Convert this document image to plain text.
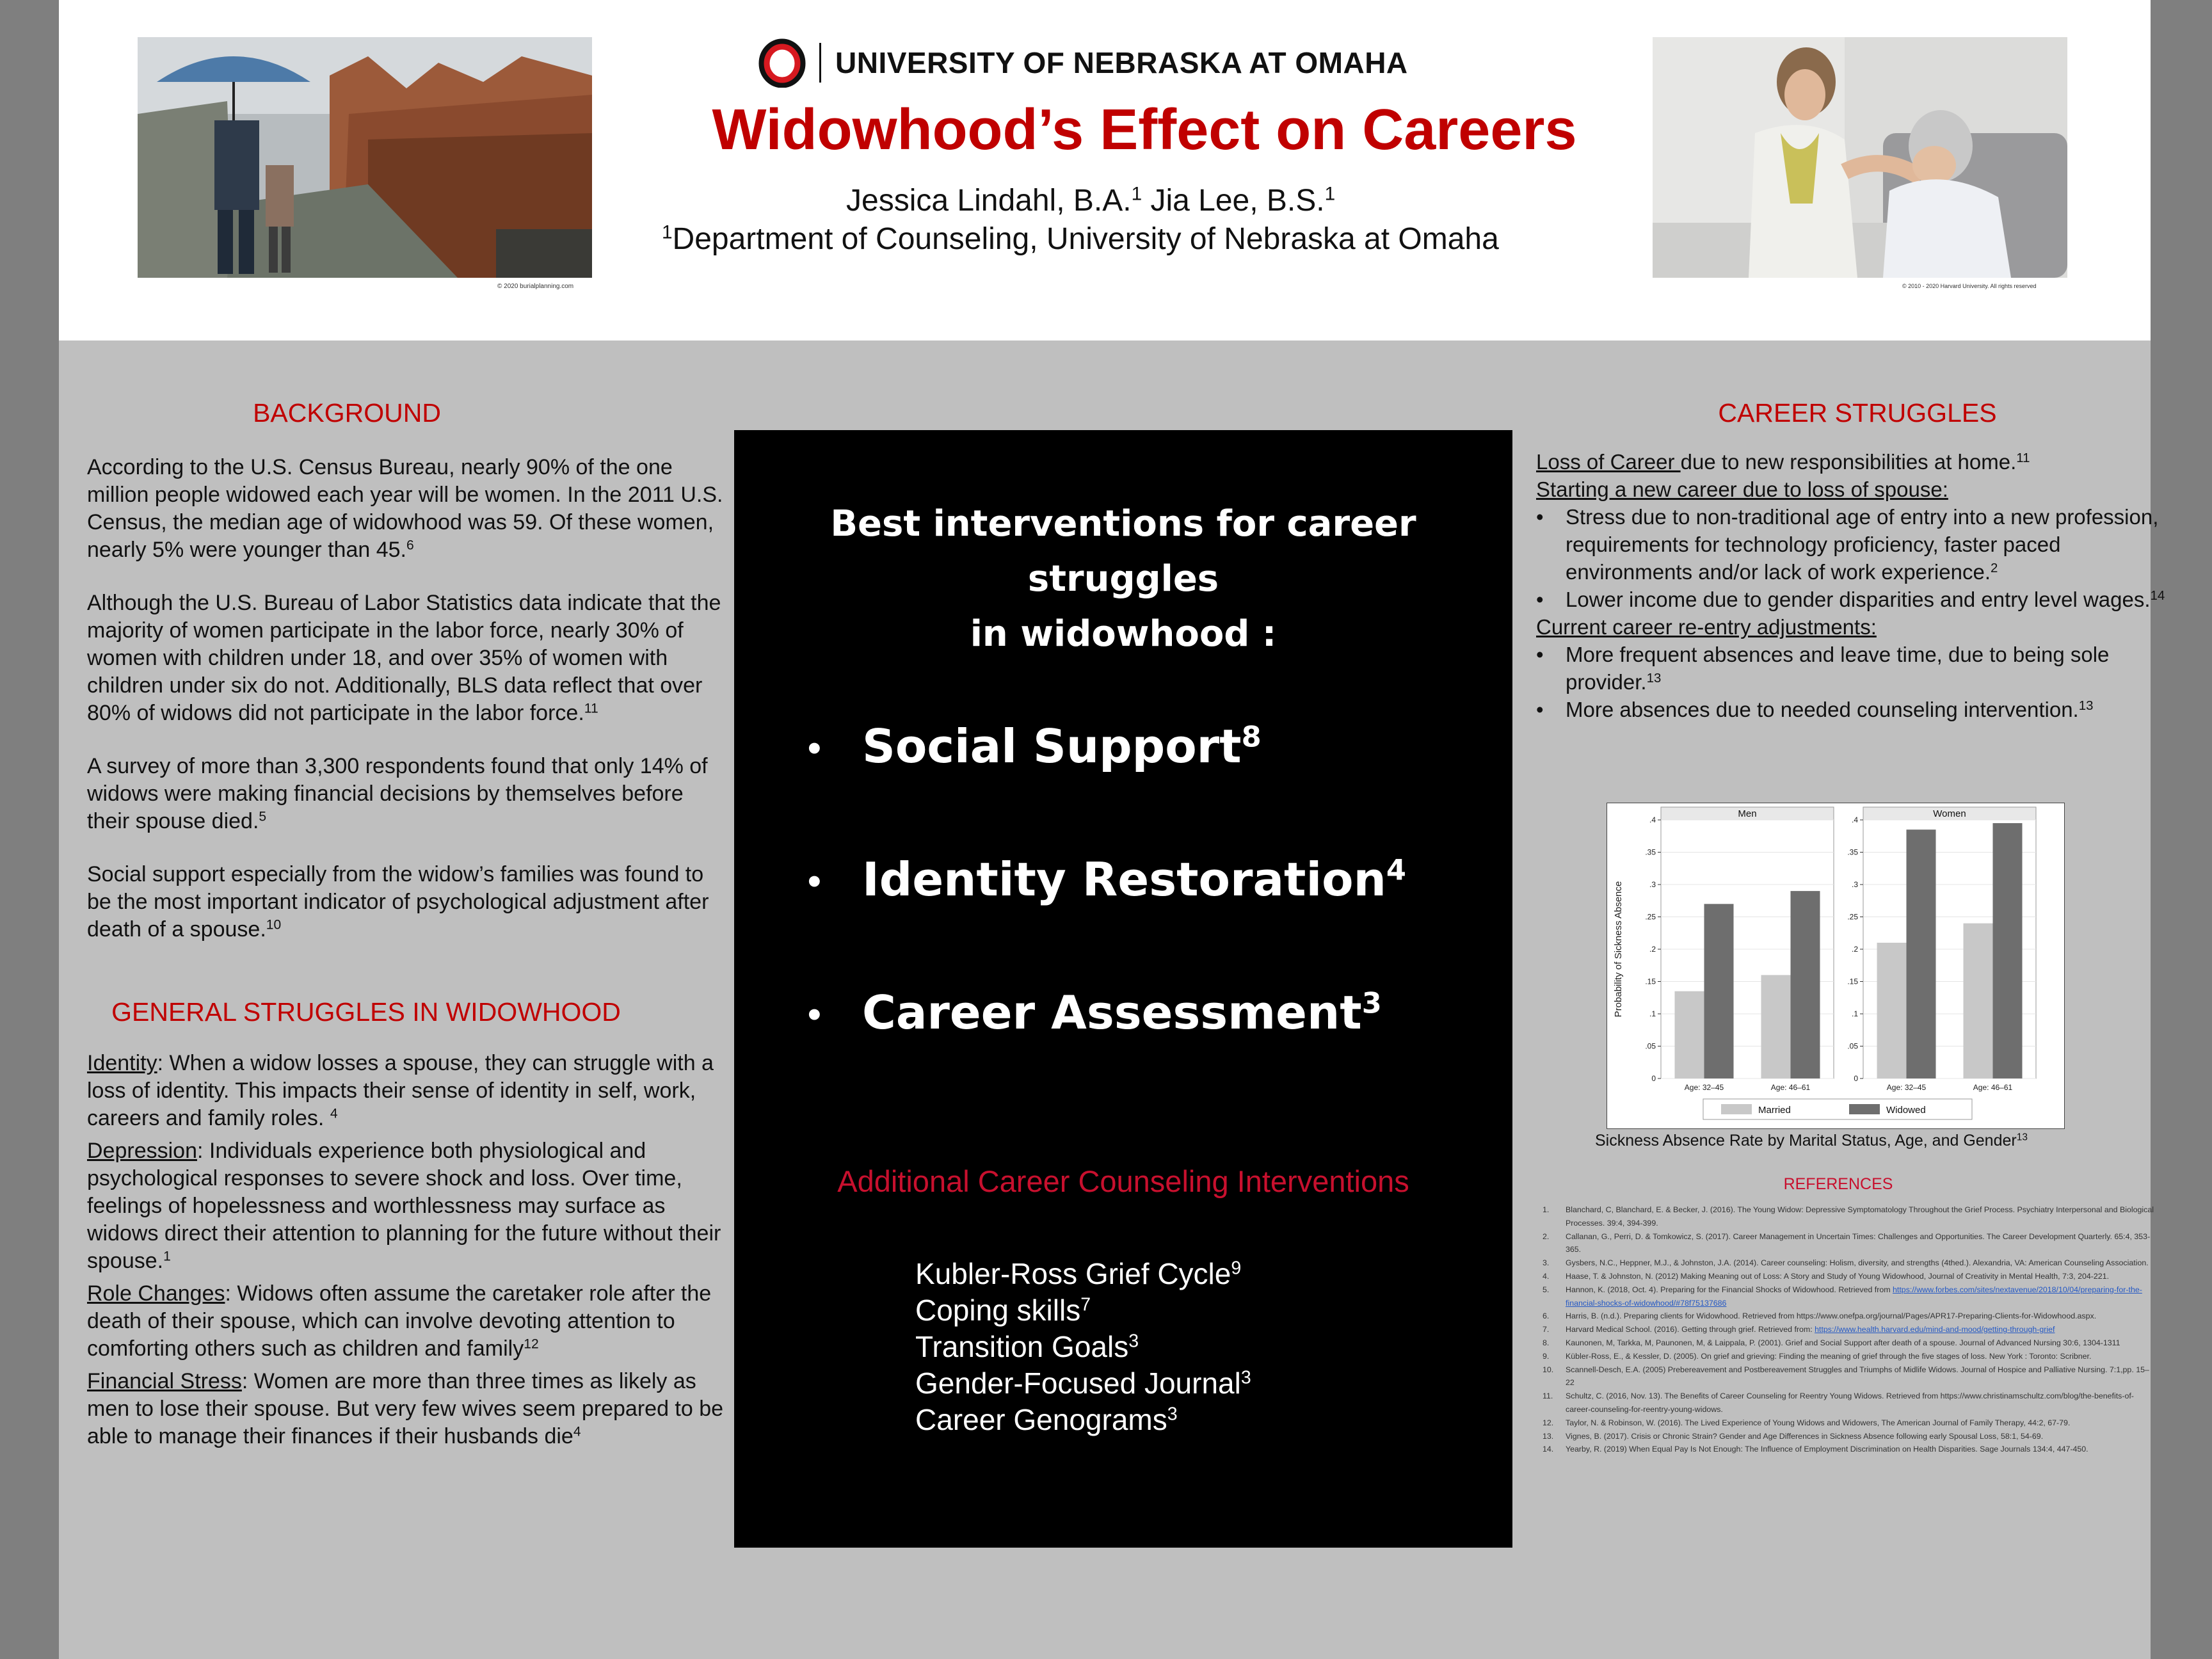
© 2020 burialplanning.com
UNIVERSITY OF NEBRASKA AT OMAHA
Widowhood’s Effect on Careers
Jessica Lindahl, B.A.$^1$ Jia Lee, B.S.$^1$
$^1$Department of Counseling, University of Nebraska at Omaha
© 2010 - 2020 Harvard University. All rights reserved
BACKGROUND

According to the U.S. Census Bureau, nearly 90% of the one million people widowed each year will be women. In the 2011 U.S. Census, the median age of widowhood was 59. Of these women, nearly 5% were younger than 45.$^6$

Although the U.S. Bureau of Labor Statistics data indicate that the majority of women participate in the labor force, nearly 30% of women with children under 18, and over 35% of women with children under six do not. Additionally, BLS data reflect that over 80% of widows did not participate in the labor force.$^{11}$

A survey of more than 3,300 respondents found that only 14% of widows were making financial decisions by themselves before their spouse died.$^5$

Social support especially from the widow’s families was found to be the most important indicator of psychological adjustment after death of a spouse.$^{10}$

GENERAL STRUGGLES IN WIDOWHOOD
Identity: When a widow losses a spouse, they can struggle with a loss of identity. This impacts their sense of identity in self, work, careers and family roles. $^4$
Depression: Individuals experience both physiological and psychological responses to severe shock and loss. Over time, feelings of hopelessness and worthlessness may surface as widows direct their attention to planning for the future without their spouse.$^1$
Role Changes: Widows often assume the caretaker role after the death of their spouse, which can involve devoting attention to comforting others such as children and family$^{12}$
Financial Stress: Women are more than three times as likely as men to lose their spouse. But very few wives seem prepared to be able to manage their finances if their husbands die$^4$
Best interventions for career struggles
in widowhood :
• Social Support$^8$
• Identity Restoration$^4$
• Career Assessment$^3$
Additional Career Counseling Interventions
Kubler-Ross Grief Cycle$^9$
Coping skills$^7$
Transition Goals$^3$
Gender-Focused Journal$^3$
Career Genograms$^3$
CAREER STRUGGLES
Loss of Career due to new responsibilities at home.$^{11}$
Starting a new career due to loss of spouse:
• Stress due to non-traditional age of entry into a new profession, requirements for technology proficiency, faster paced environments and/or lack of work experience.$^2$
• Lower income due to gender disparities and entry level wages.$^{14}$
Current career re-entry adjustments:
• More frequent absences and leave time, due to being sole provider.$^{13}$
• More absences due to needed counseling intervention.$^{13}$
Probability of Sickness Absence
Men
0
.05
.1
.15
.2
.25
.3
.35
.4
Age: 32–45	Age: 46–61
Women
0
.05
.1
.15
.2
.25
.3
.35
.4
Age: 32–45	Age: 46–61
Married	Widowed
Sickness Absence Rate by Marital Status, Age, and Gender$^{13}$
REFERENCES
1. Blanchard, C, Blanchard, E. & Becker, J. (2016). The Young Widow: Depressive Symptomatology Throughout the Grief Process. Psychiatry Interpersonal and Biological Processes. 39:4, 394-399.
2. Callanan, G., Perri, D. & Tomkowicz, S. (2017). Career Management in Uncertain Times: Challenges and Opportunities. The Career Development Quarterly. 65:4, 353-365.
3. Gysbers, N.C., Heppner, M.J., & Johnston, J.A. (2014). Career counseling: Holism, diversity, and strengths (4thed.). Alexandria, VA: American Counseling Association.
4. Haase, T. & Johnston, N. (2012) Making Meaning out of Loss: A Story and Study of Young Widowhood, Journal of Creativity in Mental Health, 7:3, 204-221.
5. Hannon, K. (2018, Oct. 4). Preparing for the Financial Shocks of Widowhood. Retrieved from https://www.forbes.com/sites/nextavenue/2018/10/04/preparing-for-the-financial-shocks-of-widowhood/#78f75137686
6. Harris, B. (n.d.). Preparing clients for Widowhood. Retrieved from https://www.onefpa.org/journal/Pages/APR17-Preparing-Clients-for-Widowhood.aspx.
7. Harvard Medical School. (2016). Getting through grief. Retrieved from: https://www.health.harvard.edu/mind-and-mood/getting-through-grief
8. Kaunonen, M, Tarkka, M, Paunonen, M, & Laippala, P. (2001). Grief and Social Support after death of a spouse. Journal of Advanced Nursing 30:6, 1304-1311
9. Kübler-Ross, E., & Kessler, D. (2005). On grief and grieving: Finding the meaning of grief through the five stages of loss. New York : Toronto: Scribner.
10. Scannell-Desch, E.A. (2005) Prebereavement and Postbereavement Struggles and Triumphs of Midlife Widows. Journal of Hospice and Palliative Nursing. 7:1,pp. 15–22
11. Schultz, C. (2016, Nov. 13). The Benefits of Career Counseling for Reentry Young Widows. Retrieved from https://www.christinamschultz.com/blog/the-benefits-of-career-counseling-for-reentry-young-widows.
12. Taylor, N. & Robinson, W. (2016). The Lived Experience of Young Widows and Widowers, The American Journal of Family Therapy, 44:2, 67-79.
13. Vignes, B. (2017). Crisis or Chronic Strain? Gender and Age Differences in Sickness Absence following early Spousal Loss, 58:1, 54-69.
14. Yearby, R. (2019) When Equal Pay Is Not Enough: The Influence of Employment Discrimination on Health Disparities. Sage Journals 134:4, 447-450.
